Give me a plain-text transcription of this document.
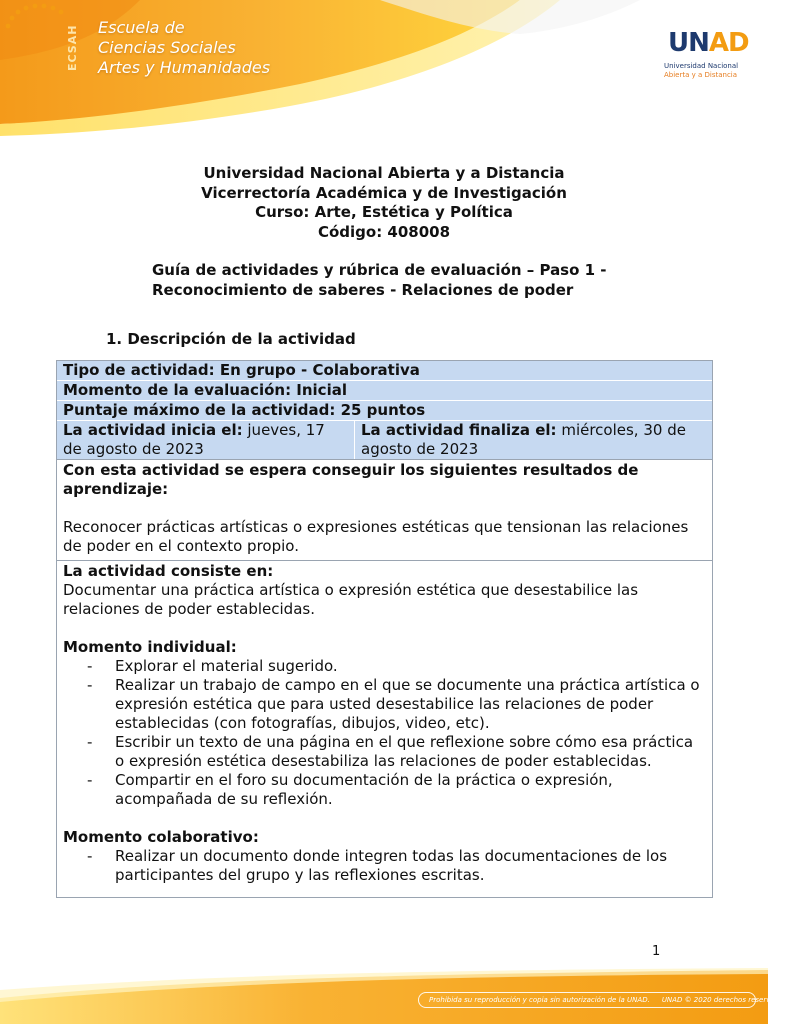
ECSAH	Escuela de
Ciencias Sociales
Artes y Humanidades
UNAD
Universidad Nacional
Abierta y a Distancia
Universidad Nacional Abierta y a Distancia
Vicerrectoría Académica y de Investigación
Curso: Arte, Estética y Política
Código: 408008
Guía de actividades y rúbrica de evaluación – Paso 1 -
Reconocimiento de saberes - Relaciones de poder
1. Descripción de la actividad
Tipo de actividad: En grupo - Colaborativa
Momento de la evaluación: Inicial
Puntaje máximo de la actividad: 25 puntos
La actividad inicia el: jueves, 17 de agosto de 2023
La actividad finaliza el: miércoles, 30 de agosto de 2023
Con esta actividad se espera conseguir los siguientes resultados de aprendizaje:
Reconocer prácticas artísticas o expresiones estéticas que tensionan las relaciones de poder en el contexto propio.
La actividad consiste en:
Documentar una práctica artística o expresión estética que desestabilice las relaciones de poder establecidas.
Momento individual:
- Explorar el material sugerido.
- Realizar un trabajo de campo en el que se documente una práctica artística o expresión estética que para usted desestabilice las relaciones de poder establecidas (con fotografías, dibujos, video, etc).
- Escribir un texto de una página en el que reflexione sobre cómo esa práctica o expresión estética desestabiliza las relaciones de poder establecidas.
- Compartir en el foro su documentación de la práctica o expresión, acompañada de su reflexión.
Momento colaborativo:
- Realizar un documento donde integren todas las documentaciones de los participantes del grupo y las reflexiones escritas.
1
Prohibida su reproducción y copia sin autorización de la UNAD. UNAD © 2020 derechos reservados
